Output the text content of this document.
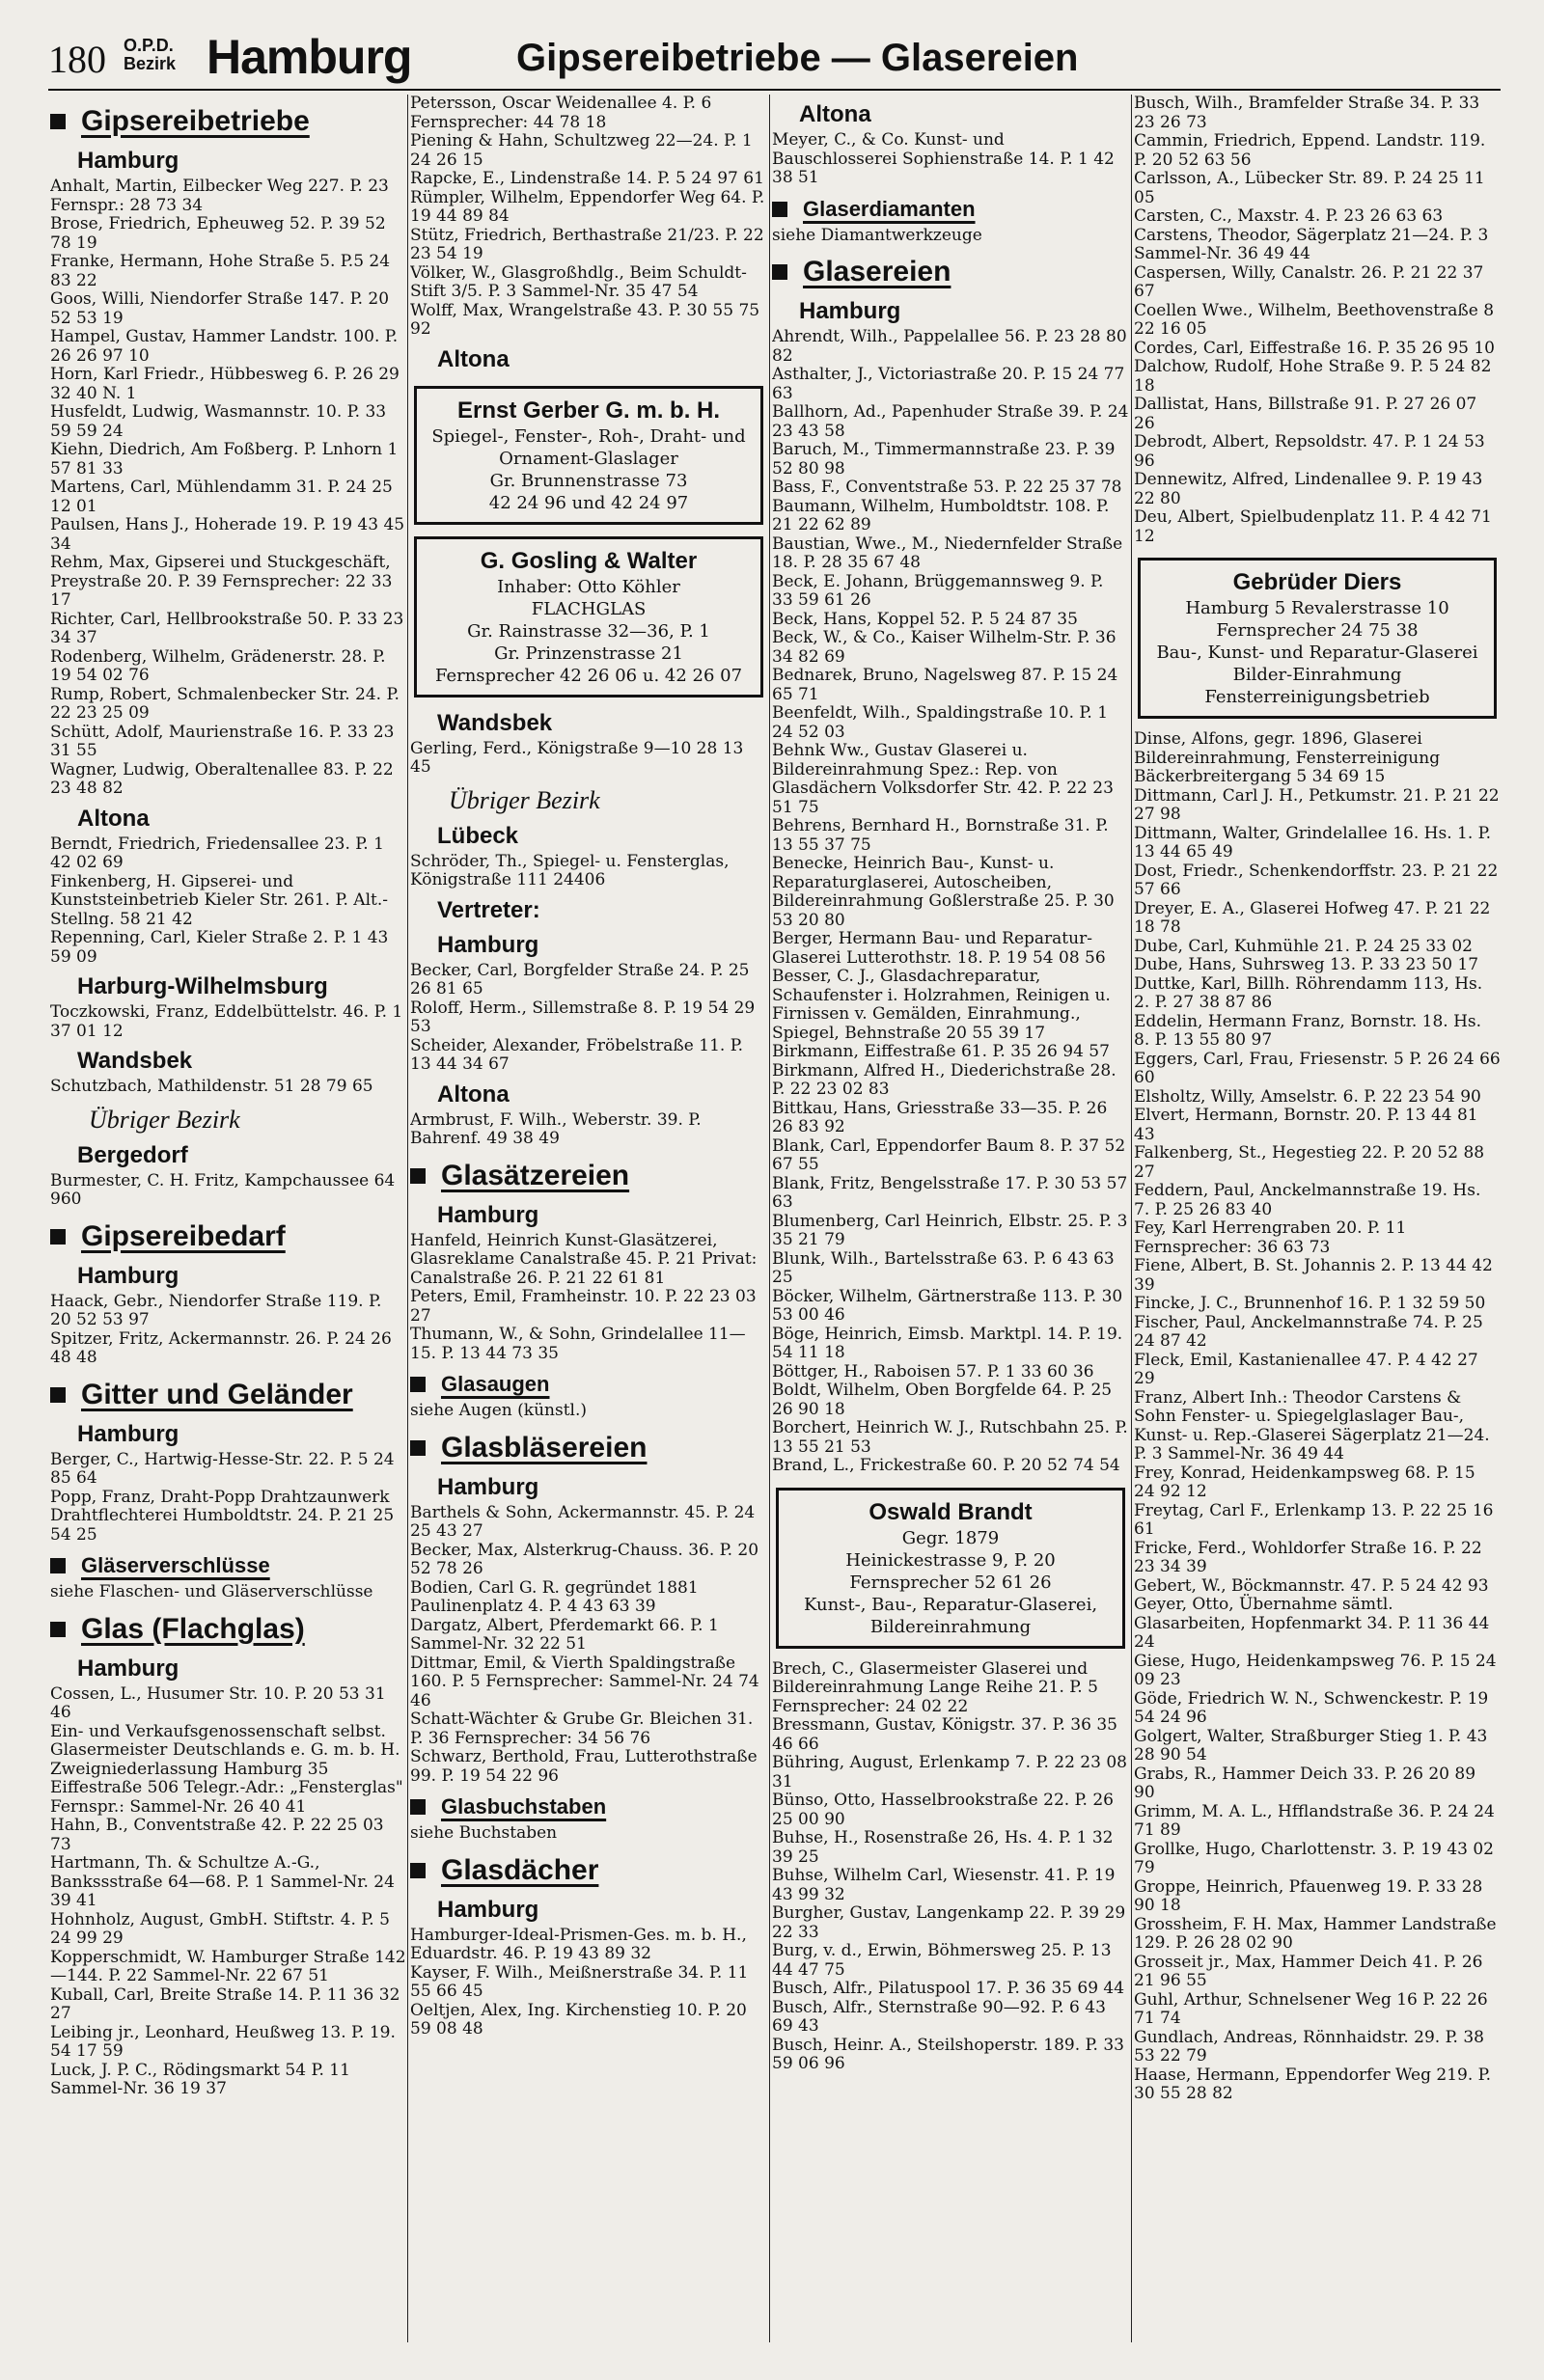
180 O.P.D.
Bezirk Hamburg	Gipsereibetriebe — Glasereien
Gipsereibetriebe
Hamburg
Anhalt, Martin, Eilbecker Weg 227. P. 23 Fernspr.: 28 73 34
Brose, Friedrich, Epheuweg 52. P. 39 52 78 19
Franke, Hermann, Hohe Straße 5. P.5 24 83 22
Goos, Willi, Niendorfer Straße 147. P. 20 52 53 19
Hampel, Gustav, Hammer Landstr. 100. P. 26 26 97 10
Horn, Karl Friedr., Hübbesweg 6. P. 26 29 32 40 N. 1
Husfeldt, Ludwig, Wasmannstr. 10. P. 33 59 59 24
Kiehn, Diedrich, Am Foßberg. P. Lnhorn 1 57 81 33
Martens, Carl, Mühlendamm 31. P. 24 25 12 01
Paulsen, Hans J., Hoherade 19. P. 19 43 45 34
Rehm, Max, Gipserei und Stuckgeschäft, Preystraße 20. P. 39 Fernsprecher: 22 33 17
Richter, Carl, Hellbrookstraße 50. P. 33 23 34 37
Rodenberg, Wilhelm, Grädenerstr. 28. P. 19 54 02 76
Rump, Robert, Schmalenbecker Str. 24. P. 22 23 25 09
Schütt, Adolf, Maurienstraße 16. P. 33 23 31 55
Wagner, Ludwig, Oberaltenallee 83. P. 22 23 48 82
Altona
Berndt, Friedrich, Friedensallee 23. P. 1 42 02 69
Finkenberg, H. Gipserei- und Kunststeinbetrieb Kieler Str. 261. P. Alt.-Stellng. 58 21 42
Repenning, Carl, Kieler Straße 2. P. 1 43 59 09
Harburg-Wilhelmsburg
Toczkowski, Franz, Eddelbüttelstr. 46. P. 1 37 01 12
Wandsbek
Schutzbach, Mathildenstr. 51 28 79 65
Übriger Bezirk
Bergedorf
Burmester, C. H. Fritz, Kampchaussee 64 960
Gipsereibedarf
Hamburg
Haack, Gebr., Niendorfer Straße 119. P. 20 52 53 97
Spitzer, Fritz, Ackermannstr. 26. P. 24 26 48 48
Gitter und Geländer
Hamburg
Berger, C., Hartwig-Hesse-Str. 22. P. 5 24 85 64
Popp, Franz, Draht-Popp Drahtzaunwerk Drahtflechterei Humboldtstr. 24. P. 21 25 54 25
Gläserverschlüsse
siehe Flaschen- und Gläserverschlüsse
Glas (Flachglas)
Hamburg
Cossen, L., Husumer Str. 10. P. 20 53 31 46
Ein- und Verkaufsgenossenschaft selbst. Glasermeister Deutschlands e. G. m. b. H. Zweigniederlassung Hamburg 35 Eiffestraße 506 Telegr.-Adr.: „Fensterglas" Fernspr.: Sammel-Nr. 26 40 41
Hahn, B., Conventstraße 42. P. 22 25 03 73
Hartmann, Th. & Schultze A.-G., Bankssstraße 64—68. P. 1 Sammel-Nr. 24 39 41
Hohnholz, August, GmbH. Stiftstr. 4. P. 5 24 99 29
Kopperschmidt, W. Hamburger Straße 142—144. P. 22 Sammel-Nr. 22 67 51
Kuball, Carl, Breite Straße 14. P. 11 36 32 27
Leibing jr., Leonhard, Heußweg 13. P. 19. 54 17 59
Luck, J. P. C., Rödingsmarkt 54 P. 11 Sammel-Nr. 36 19 37
Petersson, Oscar Weidenallee 4. P. 6 Fernsprecher: 44 78 18
Piening & Hahn, Schultzweg 22—24. P. 1 24 26 15
Rapcke, E., Lindenstraße 14. P. 5 24 97 61
Rümpler, Wilhelm, Eppendorfer Weg 64. P. 19 44 89 84
Stütz, Friedrich, Berthastraße 21/23. P. 22 23 54 19
Völker, W., Glasgroßhdlg., Beim Schuldt-Stift 3/5. P. 3 Sammel-Nr. 35 47 54
Wolff, Max, Wrangelstraße 43. P. 30 55 75 92
Altona
Ernst Gerber G. m. b. H.
Spiegel-, Fenster-, Roh-, Draht- und Ornament-Glaslager
Gr. Brunnenstrasse 73
42 24 96 und 42 24 97
G. Gosling & Walter
Inhaber: Otto Köhler
FLACHGLAS
Gr. Rainstrasse 32—36, P. 1
Gr. Prinzenstrasse 21
Fernsprecher 42 26 06 u. 42 26 07
Wandsbek
Gerling, Ferd., Königstraße 9—10 28 13 45
Übriger Bezirk
Lübeck
Schröder, Th., Spiegel- u. Fensterglas, Königstraße 111 24406
Vertreter:
Hamburg
Becker, Carl, Borgfelder Straße 24. P. 25 26 81 65
Roloff, Herm., Sillemstraße 8. P. 19 54 29 53
Scheider, Alexander, Fröbelstraße 11. P. 13 44 34 67
Altona
Armbrust, F. Wilh., Weberstr. 39. P. Bahrenf. 49 38 49
Glasätzereien
Hamburg
Hanfeld, Heinrich Kunst-Glasätzerei, Glasreklame Canalstraße 45. P. 21 Privat: Canalstraße 26. P. 21 22 61 81
Peters, Emil, Framheinstr. 10. P. 22 23 03 27
Thumann, W., & Sohn, Grindelallee 11—15. P. 13 44 73 35
Glasaugen
siehe Augen (künstl.)
Glasbläsereien
Hamburg
Barthels & Sohn, Ackermannstr. 45. P. 24 25 43 27
Becker, Max, Alsterkrug-Chauss. 36. P. 20 52 78 26
Bodien, Carl G. R. gegründet 1881 Paulinenplatz 4. P. 4 43 63 39
Dargatz, Albert, Pferdemarkt 66. P. 1 Sammel-Nr. 32 22 51
Dittmar, Emil, & Vierth Spaldingstraße 160. P. 5 Fernsprecher: Sammel-Nr. 24 74 46
Schatt-Wächter & Grube Gr. Bleichen 31. P. 36 Fernsprecher: 34 56 76
Schwarz, Berthold, Frau, Lutterothstraße 99. P. 19 54 22 96
Glasbuchstaben
siehe Buchstaben
Glasdächer
Hamburg
Hamburger-Ideal-Prismen-Ges. m. b. H., Eduardstr. 46. P. 19 43 89 32
Kayser, F. Wilh., Meißnerstraße 34. P. 11 55 66 45
Oeltjen, Alex, Ing. Kirchenstieg 10. P. 20 59 08 48
Altona
Meyer, C., & Co. Kunst- und Bauschlosserei Sophienstraße 14. P. 1 42 38 51
Glaserdiamanten
siehe Diamantwerkzeuge
Glasereien
Hamburg
Ahrendt, Wilh., Pappelallee 56. P. 23 28 80 82
Asthalter, J., Victoriastraße 20. P. 15 24 77 63
Ballhorn, Ad., Papenhuder Straße 39. P. 24 23 43 58
Baruch, M., Timmermannstraße 23. P. 39 52 80 98
Bass, F., Conventstraße 53. P. 22 25 37 78
Baumann, Wilhelm, Humboldtstr. 108. P. 21 22 62 89
Baustian, Wwe., M., Niedernfelder Straße 18. P. 28 35 67 48
Beck, E. Johann, Brüggemannsweg 9. P. 33 59 61 26
Beck, Hans, Koppel 52. P. 5 24 87 35
Beck, W., & Co., Kaiser Wilhelm-Str. P. 36 34 82 69
Bednarek, Bruno, Nagelsweg 87. P. 15 24 65 71
Beenfeldt, Wilh., Spaldingstraße 10. P. 1 24 52 03
Behnk Ww., Gustav Glaserei u. Bildereinrahmung Spez.: Rep. von Glasdächern Volksdorfer Str. 42. P. 22 23 51 75
Behrens, Bernhard H., Bornstraße 31. P. 13 55 37 75
Benecke, Heinrich Bau-, Kunst- u. Reparaturglaserei, Autoscheiben, Bildereinrahmung Goßlerstraße 25. P. 30 53 20 80
Berger, Hermann Bau- und Reparatur-Glaserei Lutterothstr. 18. P. 19 54 08 56
Besser, C. J., Glasdachreparatur, Schaufenster i. Holzrahmen, Reinigen u. Firnissen v. Gemälden, Einrahmung., Spiegel, Behnstraße 20 55 39 17
Birkmann, Eiffestraße 61. P. 35 26 94 57
Birkmann, Alfred H., Diederichstraße 28. P. 22 23 02 83
Bittkau, Hans, Griesstraße 33—35. P. 26 26 83 92
Blank, Carl, Eppendorfer Baum 8. P. 37 52 67 55
Blank, Fritz, Bengelsstraße 17. P. 30 53 57 63
Blumenberg, Carl Heinrich, Elbstr. 25. P. 3 35 21 79
Blunk, Wilh., Bartelsstraße 63. P. 6 43 63 25
Böcker, Wilhelm, Gärtnerstraße 113. P. 30 53 00 46
Böge, Heinrich, Eimsb. Marktpl. 14. P. 19. 54 11 18
Böttger, H., Raboisen 57. P. 1 33 60 36
Boldt, Wilhelm, Oben Borgfelde 64. P. 25 26 90 18
Borchert, Heinrich W. J., Rutschbahn 25. P. 13 55 21 53
Brand, L., Frickestraße 60. P. 20 52 74 54
Oswald Brandt
Gegr. 1879
Heinickestrasse 9, P. 20
Fernsprecher 52 61 26
Kunst-, Bau-, Reparatur-Glaserei,
Bildereinrahmung
Brech, C., Glasermeister Glaserei und Bildereinrahmung Lange Reihe 21. P. 5 Fernsprecher: 24 02 22
Bressmann, Gustav, Königstr. 37. P. 36 35 46 66
Bühring, August, Erlenkamp 7. P. 22 23 08 31
Bünso, Otto, Hasselbrookstraße 22. P. 26 25 00 90
Buhse, H., Rosenstraße 26, Hs. 4. P. 1 32 39 25
Buhse, Wilhelm Carl, Wiesenstr. 41. P. 19 43 99 32
Burgher, Gustav, Langenkamp 22. P. 39 29 22 33
Burg, v. d., Erwin, Böhmersweg 25. P. 13 44 47 75
Busch, Alfr., Pilatuspool 17. P. 36 35 69 44
Busch, Alfr., Sternstraße 90—92. P. 6 43 69 43
Busch, Heinr. A., Steilshoperstr. 189. P. 33 59 06 96
Busch, Wilh., Bramfelder Straße 34. P. 33 23 26 73
Cammin, Friedrich, Eppend. Landstr. 119. P. 20 52 63 56
Carlsson, A., Lübecker Str. 89. P. 24 25 11 05
Carsten, C., Maxstr. 4. P. 23 26 63 63
Carstens, Theodor, Sägerplatz 21—24. P. 3 Sammel-Nr. 36 49 44
Caspersen, Willy, Canalstr. 26. P. 21 22 37 67
Coellen Wwe., Wilhelm, Beethovenstraße 8 22 16 05
Cordes, Carl, Eiffestraße 16. P. 35 26 95 10
Dalchow, Rudolf, Hohe Straße 9. P. 5 24 82 18
Dallistat, Hans, Billstraße 91. P. 27 26 07 26
Debrodt, Albert, Repsoldstr. 47. P. 1 24 53 96
Dennewitz, Alfred, Lindenallee 9. P. 19 43 22 80
Deu, Albert, Spielbudenplatz 11. P. 4 42 71 12
Gebrüder Diers
Hamburg 5 Revalerstrasse 10
Fernsprecher 24 75 38
Bau-, Kunst- und Reparatur-Glaserei
Bilder-Einrahmung
Fensterreinigungsbetrieb
Dinse, Alfons, gegr. 1896, Glaserei Bildereinrahmung, Fensterreinigung Bäckerbreitergang 5 34 69 15
Dittmann, Carl J. H., Petkumstr. 21. P. 21 22 27 98
Dittmann, Walter, Grindelallee 16. Hs. 1. P. 13 44 65 49
Dost, Friedr., Schenkendorffstr. 23. P. 21 22 57 66
Dreyer, E. A., Glaserei Hofweg 47. P. 21 22 18 78
Dube, Carl, Kuhmühle 21. P. 24 25 33 02
Dube, Hans, Suhrsweg 13. P. 33 23 50 17
Duttke, Karl, Billh. Röhrendamm 113, Hs. 2. P. 27 38 87 86
Eddelin, Hermann Franz, Bornstr. 18. Hs. 8. P. 13 55 80 97
Eggers, Carl, Frau, Friesenstr. 5 P. 26 24 66 60
Elsholtz, Willy, Amselstr. 6. P. 22 23 54 90
Elvert, Hermann, Bornstr. 20. P. 13 44 81 43
Falkenberg, St., Hegestieg 22. P. 20 52 88 27
Feddern, Paul, Anckelmannstraße 19. Hs. 7. P. 25 26 83 40
Fey, Karl Herrengraben 20. P. 11 Fernsprecher: 36 63 73
Fiene, Albert, B. St. Johannis 2. P. 13 44 42 39
Fincke, J. C., Brunnenhof 16. P. 1 32 59 50
Fischer, Paul, Anckelmannstraße 74. P. 25 24 87 42
Fleck, Emil, Kastanienallee 47. P. 4 42 27 29
Franz, Albert Inh.: Theodor Carstens & Sohn Fenster- u. Spiegelglaslager Bau-, Kunst- u. Rep.-Glaserei Sägerplatz 21—24. P. 3 Sammel-Nr. 36 49 44
Frey, Konrad, Heidenkampsweg 68. P. 15 24 92 12
Freytag, Carl F., Erlenkamp 13. P. 22 25 16 61
Fricke, Ferd., Wohldorfer Straße 16. P. 22 23 34 39
Gebert, W., Böckmannstr. 47. P. 5 24 42 93
Geyer, Otto, Übernahme sämtl. Glasarbeiten, Hopfenmarkt 34. P. 11 36 44 24
Giese, Hugo, Heidenkampsweg 76. P. 15 24 09 23
Göde, Friedrich W. N., Schwenckestr. P. 19 54 24 96
Golgert, Walter, Straßburger Stieg 1. P. 43 28 90 54
Grabs, R., Hammer Deich 33. P. 26 20 89 90
Grimm, M. A. L., Hfflandstraße 36. P. 24 24 71 89
Grollke, Hugo, Charlottenstr. 3. P. 19 43 02 79
Groppe, Heinrich, Pfauenweg 19. P. 33 28 90 18
Grossheim, F. H. Max, Hammer Landstraße 129. P. 26 28 02 90
Grosseit jr., Max, Hammer Deich 41. P. 26 21 96 55
Guhl, Arthur, Schnelsener Weg 16 P. 22 26 71 74
Gundlach, Andreas, Rönnhaidstr. 29. P. 38 53 22 79
Haase, Hermann, Eppendorfer Weg 219. P. 30 55 28 82
